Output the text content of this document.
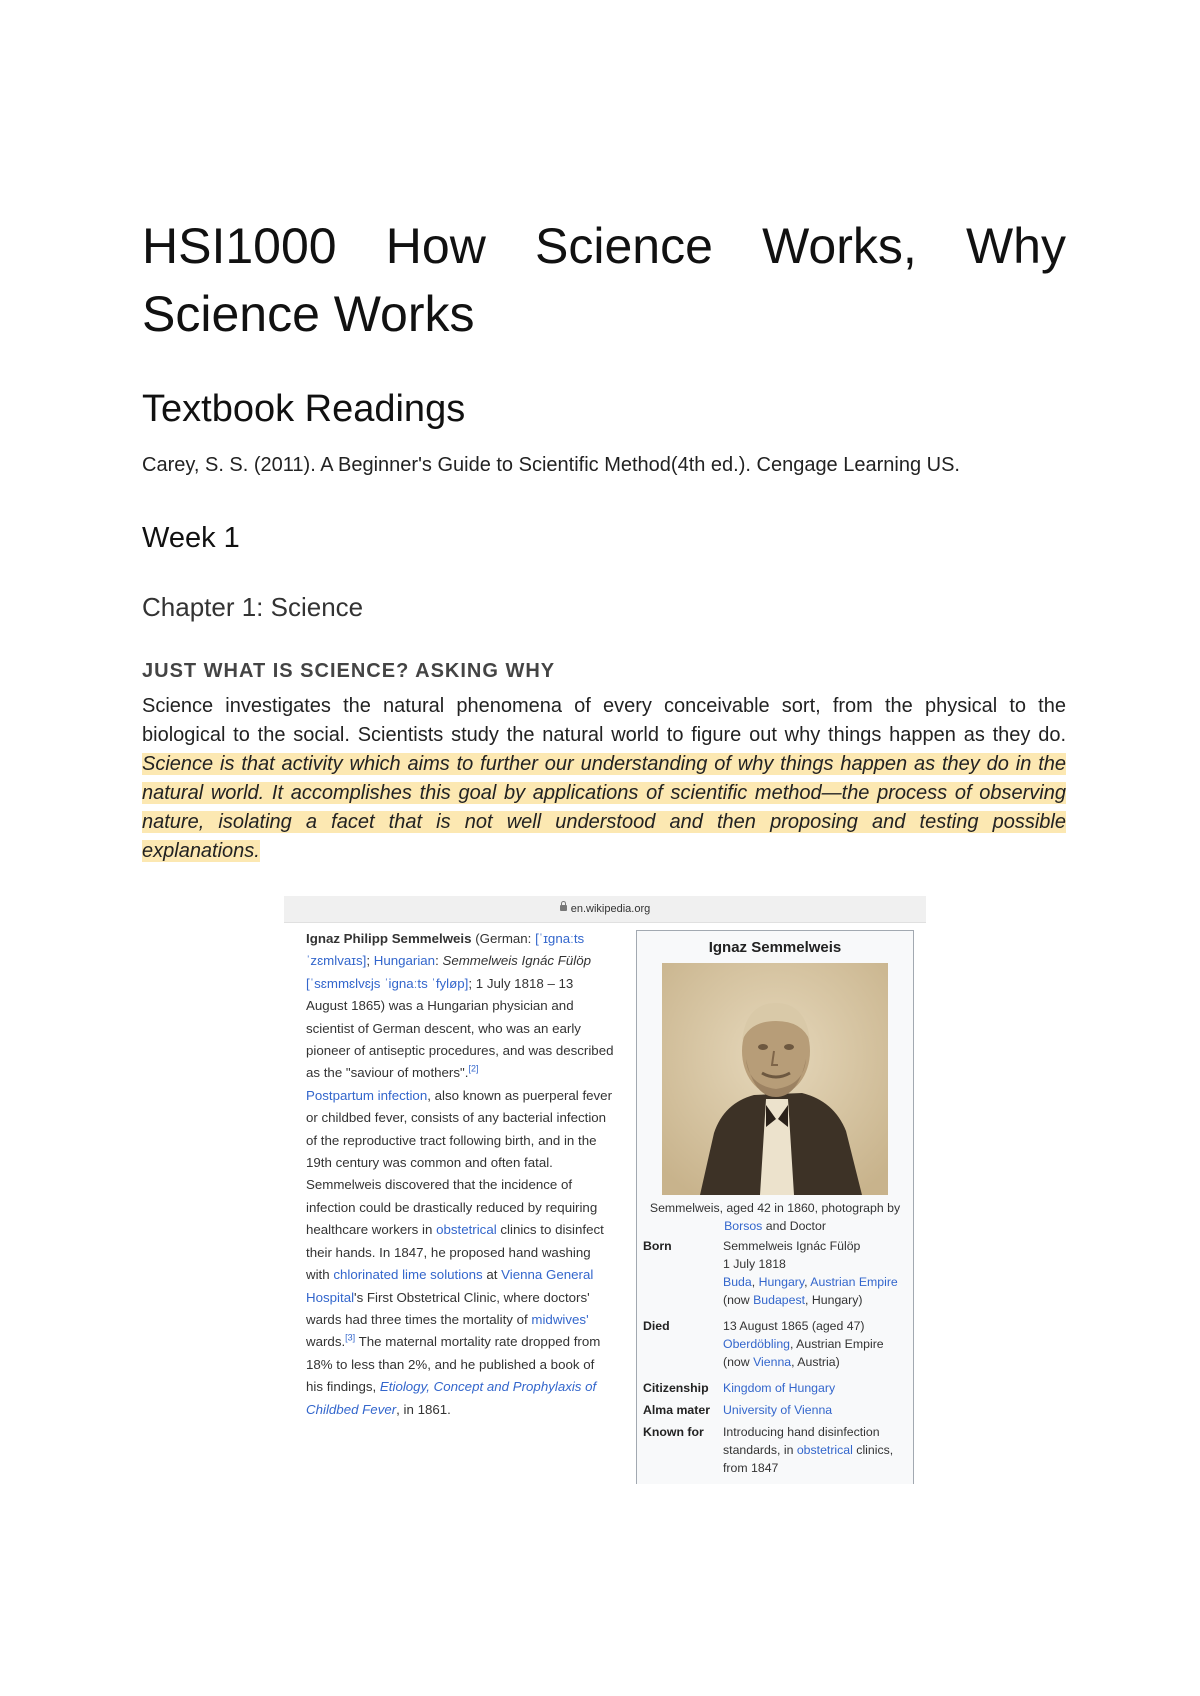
HSI1000 How Science Works, Why Science Works
Textbook Readings

Carey, S. S. (2011). A Beginner's Guide to Scientific Method(4th ed.). Cengage Learning US.

Week 1
Chapter 1: Science
JUST WHAT IS SCIENCE? ASKING WHY

Science investigates the natural phenomena of every conceivable sort, from the physical to the biological to the social. Scientists study the natural world to figure out why things happen as they do. Science is that activity which aims to further our understanding of why things happen as they do in the natural world. It accomplishes this goal by applications of scientific method—the process of observing nature, isolating a facet that is not well understood and then proposing and testing possible explanations.

en.wikipedia.org
Ignaz Philipp Semmelweis (German: [ˈɪgnaːts ˈzɛmlvaɪs]; Hungarian: Semmelweis Ignác Fülöp [ˈsɛmmɛlvɛjs ˈignaːts ˈfyløp]; 1 July 1818 – 13 August 1865) was a Hungarian physician and scientist of German descent, who was an early pioneer of antiseptic procedures, and was described as the "saviour of mothers".[2]
Postpartum infection, also known as puerperal fever or childbed fever, consists of any bacterial infection of the reproductive tract following birth, and in the 19th century was common and often fatal. Semmelweis discovered that the incidence of infection could be drastically reduced by requiring healthcare workers in obstetrical clinics to disinfect their hands. In 1847, he proposed hand washing with chlorinated lime solutions at Vienna General Hospital's First Obstetrical Clinic, where doctors' wards had three times the mortality of midwives' wards.[3] The maternal mortality rate dropped from 18% to less than 2%, and he published a book of his findings, Etiology, Concept and Prophylaxis of Childbed Fever, in 1861.
Ignaz Semmelweis
Semmelweis, aged 42 in 1860, photograph by Borsos and Doctor
Born	Semmelweis Ignác Fülöp
1 July 1818
Buda, Hungary, Austrian Empire
(now Budapest, Hungary)
Died	13 August 1865 (aged 47)
Oberdöbling, Austrian Empire
(now Vienna, Austria)
Citizenship	Kingdom of Hungary
Alma mater	University of Vienna
Known for	Introducing hand disinfection standards, in obstetrical clinics, from 1847
